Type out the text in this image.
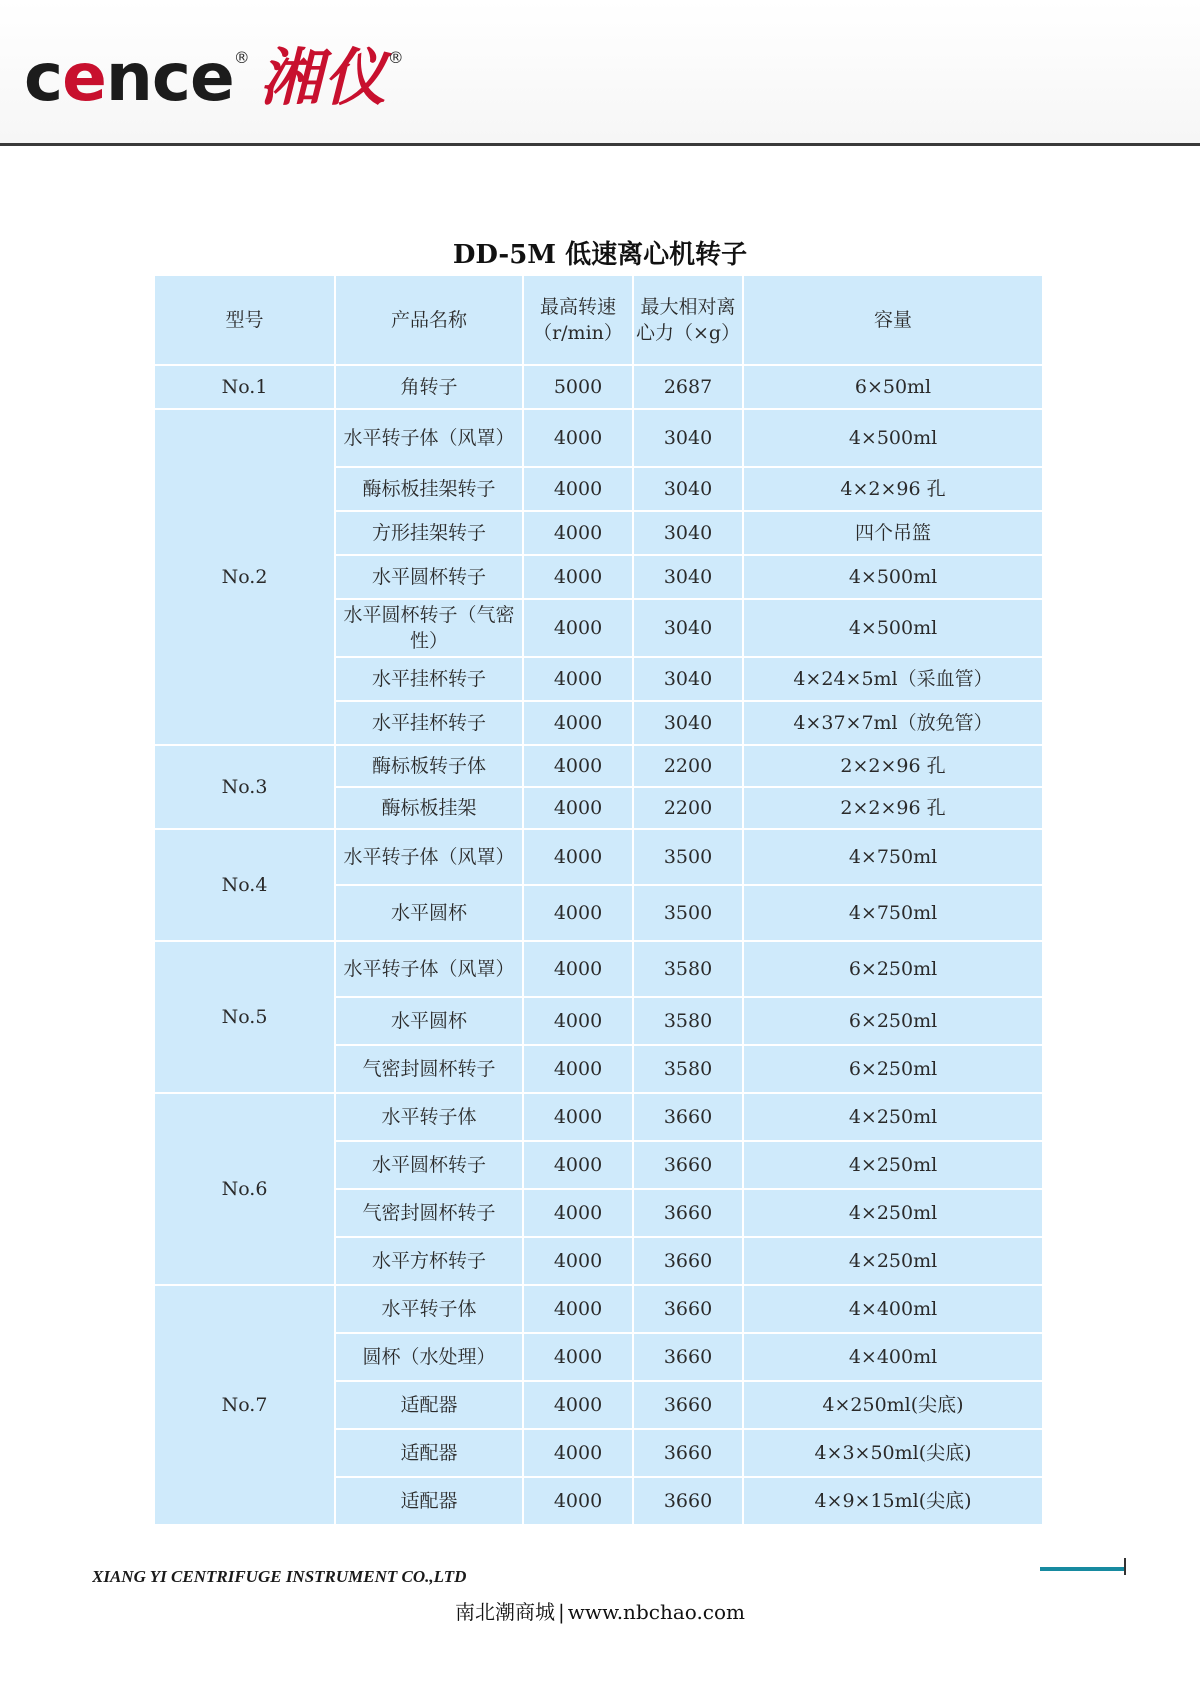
cence ® 湘仪 ®
DD-5M 低速离心机转子
型号	产品名称	最高转速（r/min）	最大相对离心力（×g）	容量
No.1	角转子	5000	2687	6×50ml
No.2	水平转子体（风罩）	4000	3040	4×500ml
	酶标板挂架转子	4000	3040	4×2×96 孔
	方形挂架转子	4000	3040	四个吊篮
	水平圆杯转子	4000	3040	4×500ml
	水平圆杯转子（气密性）	4000	3040	4×500ml
	水平挂杯转子	4000	3040	4×24×5ml（采血管）
	水平挂杯转子	4000	3040	4×37×7ml（放免管）
No.3	酶标板转子体	4000	2200	2×2×96 孔
	酶标板挂架	4000	2200	2×2×96 孔
No.4	水平转子体（风罩）	4000	3500	4×750ml
	水平圆杯	4000	3500	4×750ml
No.5	水平转子体（风罩）	4000	3580	6×250ml
	水平圆杯	4000	3580	6×250ml
	气密封圆杯转子	4000	3580	6×250ml
No.6	水平转子体	4000	3660	4×250ml
	水平圆杯转子	4000	3660	4×250ml
	气密封圆杯转子	4000	3660	4×250ml
	水平方杯转子	4000	3660	4×250ml
No.7	水平转子体	4000	3660	4×400ml
	圆杯（水处理）	4000	3660	4×400ml
	适配器	4000	3660	4×250ml(尖底)
	适配器	4000	3660	4×3×50ml(尖底)
	适配器	4000	3660	4×9×15ml(尖底)
XIANG YI CENTRIFUGE INSTRUMENT CO.,LTD
南北潮商城 | www.nbchao.com
